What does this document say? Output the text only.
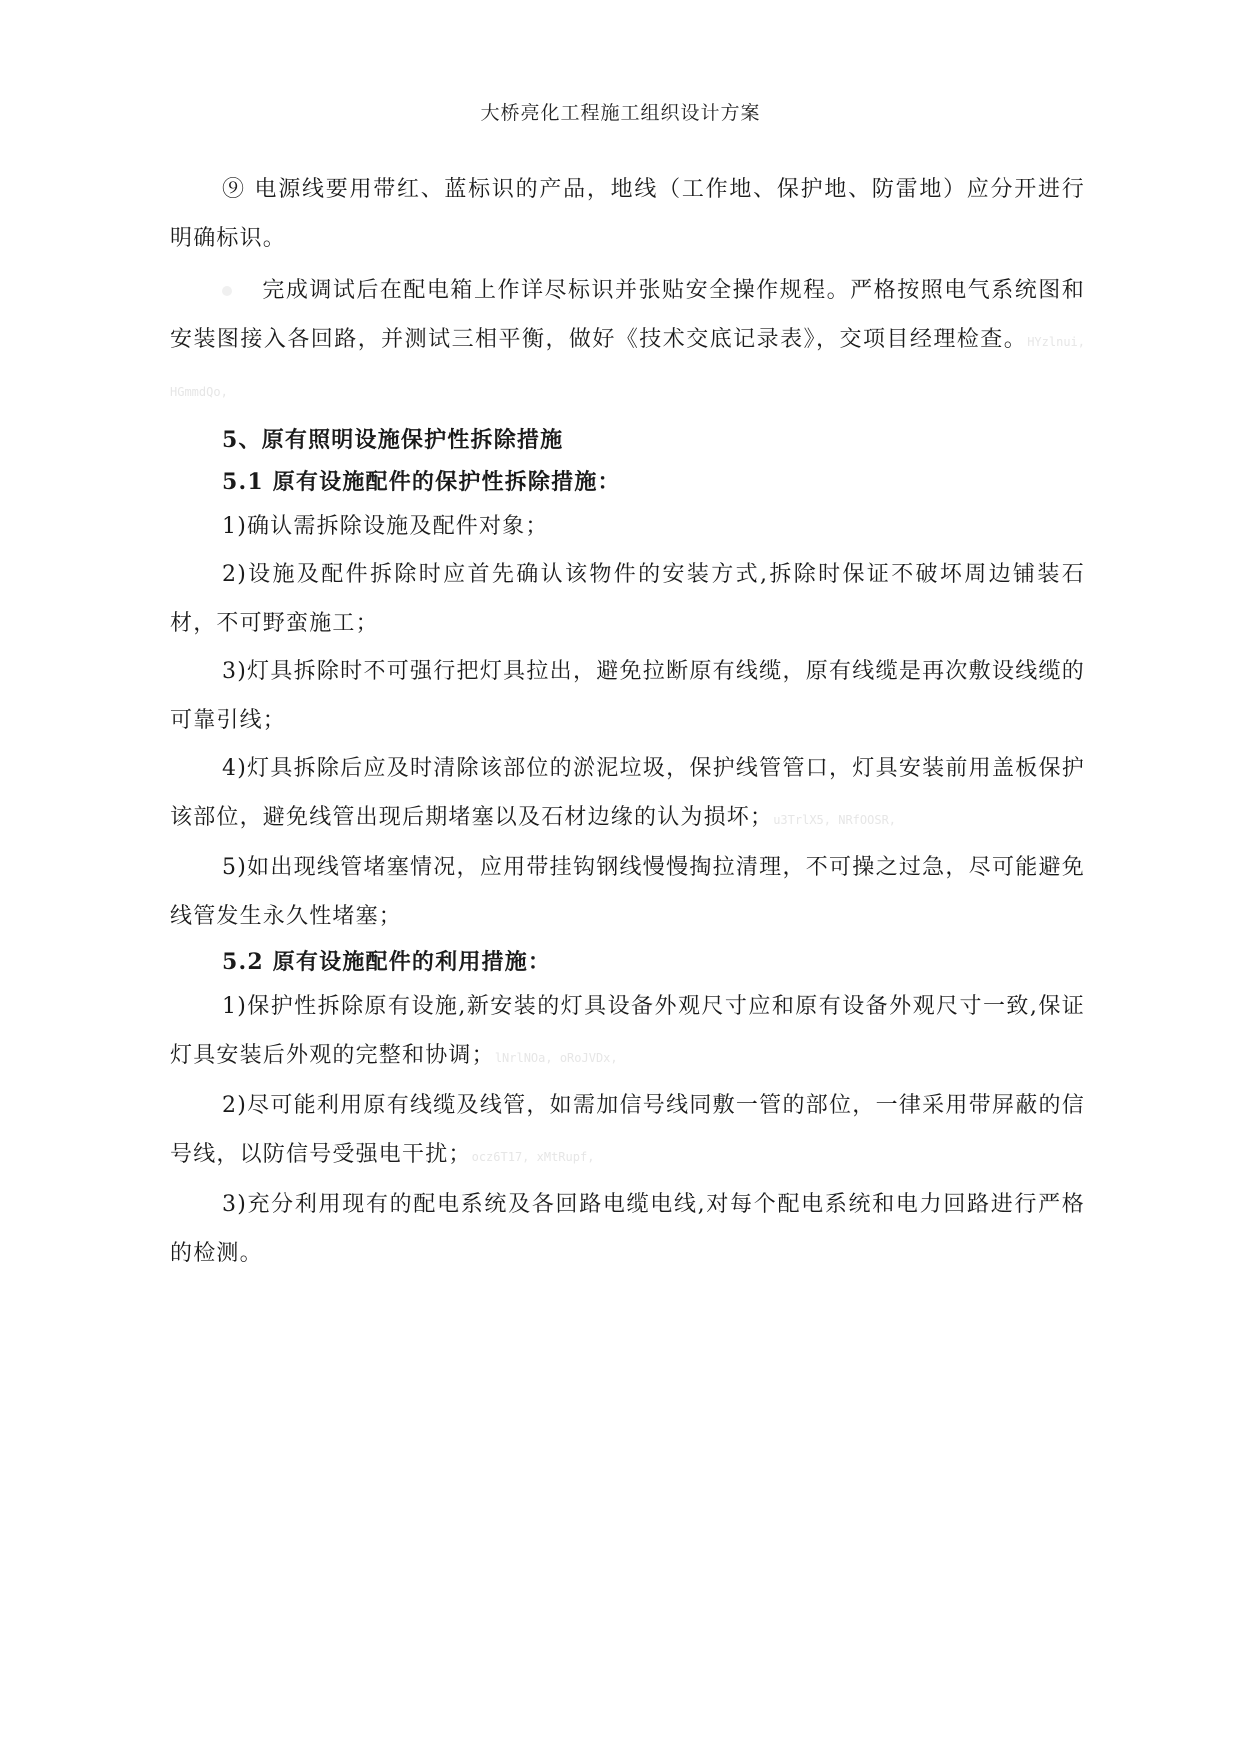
大桥亮化工程施工组织设计方案

⑨ 电源线要用带红、蓝标识的产品，地线（工作地、保护地、防雷地）应分开进行明确标识。

完成调试后在配电箱上作详尽标识并张贴安全操作规程。严格按照电气系统图和安装图接入各回路，并测试三相平衡，做好《技术交底记录表》，交项目经理检查。HYzlnui, HGmmdQo,

5、原有照明设施保护性拆除措施

5.1 原有设施配件的保护性拆除措施：

1)确认需拆除设施及配件对象；

2)设施及配件拆除时应首先确认该物件的安装方式,拆除时保证不破坏周边铺装石材，不可野蛮施工；

3)灯具拆除时不可强行把灯具拉出，避免拉断原有线缆，原有线缆是再次敷设线缆的可靠引线；

4)灯具拆除后应及时清除该部位的淤泥垃圾，保护线管管口，灯具安装前用盖板保护该部位，避免线管出现后期堵塞以及石材边缘的认为损坏；u3TrlX5, NRfOOSR,

5)如出现线管堵塞情况，应用带挂钩钢线慢慢掏拉清理，不可操之过急，尽可能避免线管发生永久性堵塞；

5.2 原有设施配件的利用措施：

1)保护性拆除原有设施,新安装的灯具设备外观尺寸应和原有设备外观尺寸一致,保证灯具安装后外观的完整和协调；lNrlNOa, oRoJVDx,

2)尽可能利用原有线缆及线管，如需加信号线同敷一管的部位，一律采用带屏蔽的信号线，以防信号受强电干扰；ocz6T17, xMtRupf,

3)充分利用现有的配电系统及各回路电缆电线,对每个配电系统和电力回路进行严格的检测。
